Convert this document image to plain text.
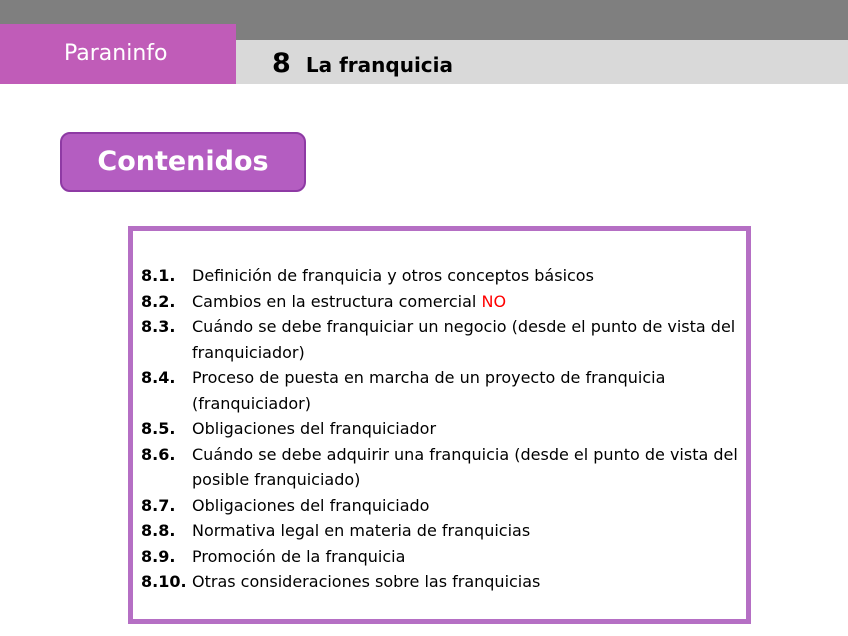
Paraninfo	8 La franquicia
Contenidos
8.1.	Definición de franquicia y otros conceptos básicos
8.2.	Cambios en la estructura comercial NO
8.3.	Cuándo se debe franquiciar un negocio (desde el punto de vista del franquiciador)
8.4.	Proceso de puesta en marcha de un proyecto de franquicia (franquiciador)
8.5.	Obligaciones del franquiciador
8.6.	Cuándo se debe adquirir una franquicia (desde el punto de vista del posible franquiciado)
8.7.	Obligaciones del franquiciado
8.8.	Normativa legal en materia de franquicias
8.9.	Promoción de la franquicia
8.10. Otras consideraciones sobre las franquicias
